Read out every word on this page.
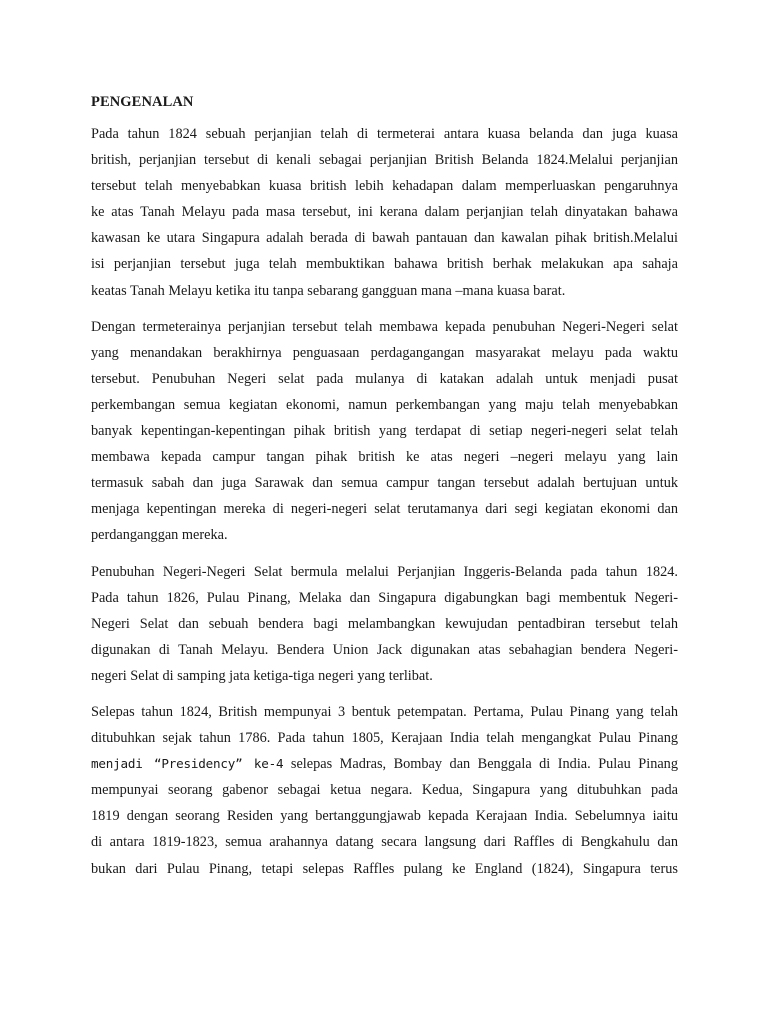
PENGENALAN
Pada tahun 1824 sebuah perjanjian telah di termeterai antara kuasa belanda dan juga kuasa
british, perjanjian tersebut di kenali sebagai perjanjian British Belanda 1824.Melalui perjanjian
tersebut telah menyebabkan kuasa british lebih kehadapan dalam memperluaskan pengaruhnya
ke atas Tanah Melayu pada masa tersebut, ini kerana dalam perjanjian telah dinyatakan bahawa
kawasan ke utara Singapura adalah berada di bawah pantauan dan kawalan pihak british.Melalui
isi perjanjian tersebut juga telah membuktikan bahawa british berhak melakukan apa sahaja
keatas Tanah Melayu ketika itu tanpa sebarang gangguan mana –mana kuasa barat.
Dengan termeterainya perjanjian tersebut telah membawa kepada penubuhan Negeri-Negeri selat
yang menandakan berakhirnya penguasaan perdagangangan masyarakat melayu pada waktu
tersebut. Penubuhan Negeri selat pada mulanya di katakan adalah untuk menjadi pusat
perkembangan semua kegiatan ekonomi, namun perkembangan yang maju telah menyebabkan
banyak kepentingan-kepentingan pihak british yang terdapat di setiap negeri-negeri selat telah
membawa kepada campur tangan pihak british ke atas negeri –negeri melayu yang lain
termasuk sabah dan juga Sarawak dan semua campur tangan tersebut adalah bertujuan untuk
menjaga kepentingan mereka di negeri-negeri selat terutamanya dari segi kegiatan ekonomi dan
perdanganggan mereka.
Penubuhan Negeri-Negeri Selat bermula melalui Perjanjian Inggeris-Belanda pada tahun 1824.
Pada tahun 1826, Pulau Pinang, Melaka dan Singapura digabungkan bagi membentuk Negeri-
Negeri Selat dan sebuah bendera bagi melambangkan kewujudan pentadbiran tersebut telah
digunakan di Tanah Melayu. Bendera Union Jack digunakan atas sebahagian bendera Negeri-
negeri Selat di samping jata ketiga-tiga negeri yang terlibat.
Selepas tahun 1824, British mempunyai 3 bentuk petempatan. Pertama, Pulau Pinang yang telah
ditubuhkan sejak tahun 1786. Pada tahun 1805, Kerajaan India telah mengangkat Pulau Pinang
menjadi “Presidency” ke-4 selepas Madras, Bombay dan Benggala di India. Pulau Pinang
mempunyai seorang gabenor sebagai ketua negara. Kedua, Singapura yang ditubuhkan pada
1819 dengan seorang Residen yang bertanggungjawab kepada Kerajaan India. Sebelumnya iaitu
di antara 1819-1823, semua arahannya datang secara langsung dari Raffles di Bengkahulu dan
bukan dari Pulau Pinang, tetapi selepas Raffles pulang ke England (1824), Singapura terus
